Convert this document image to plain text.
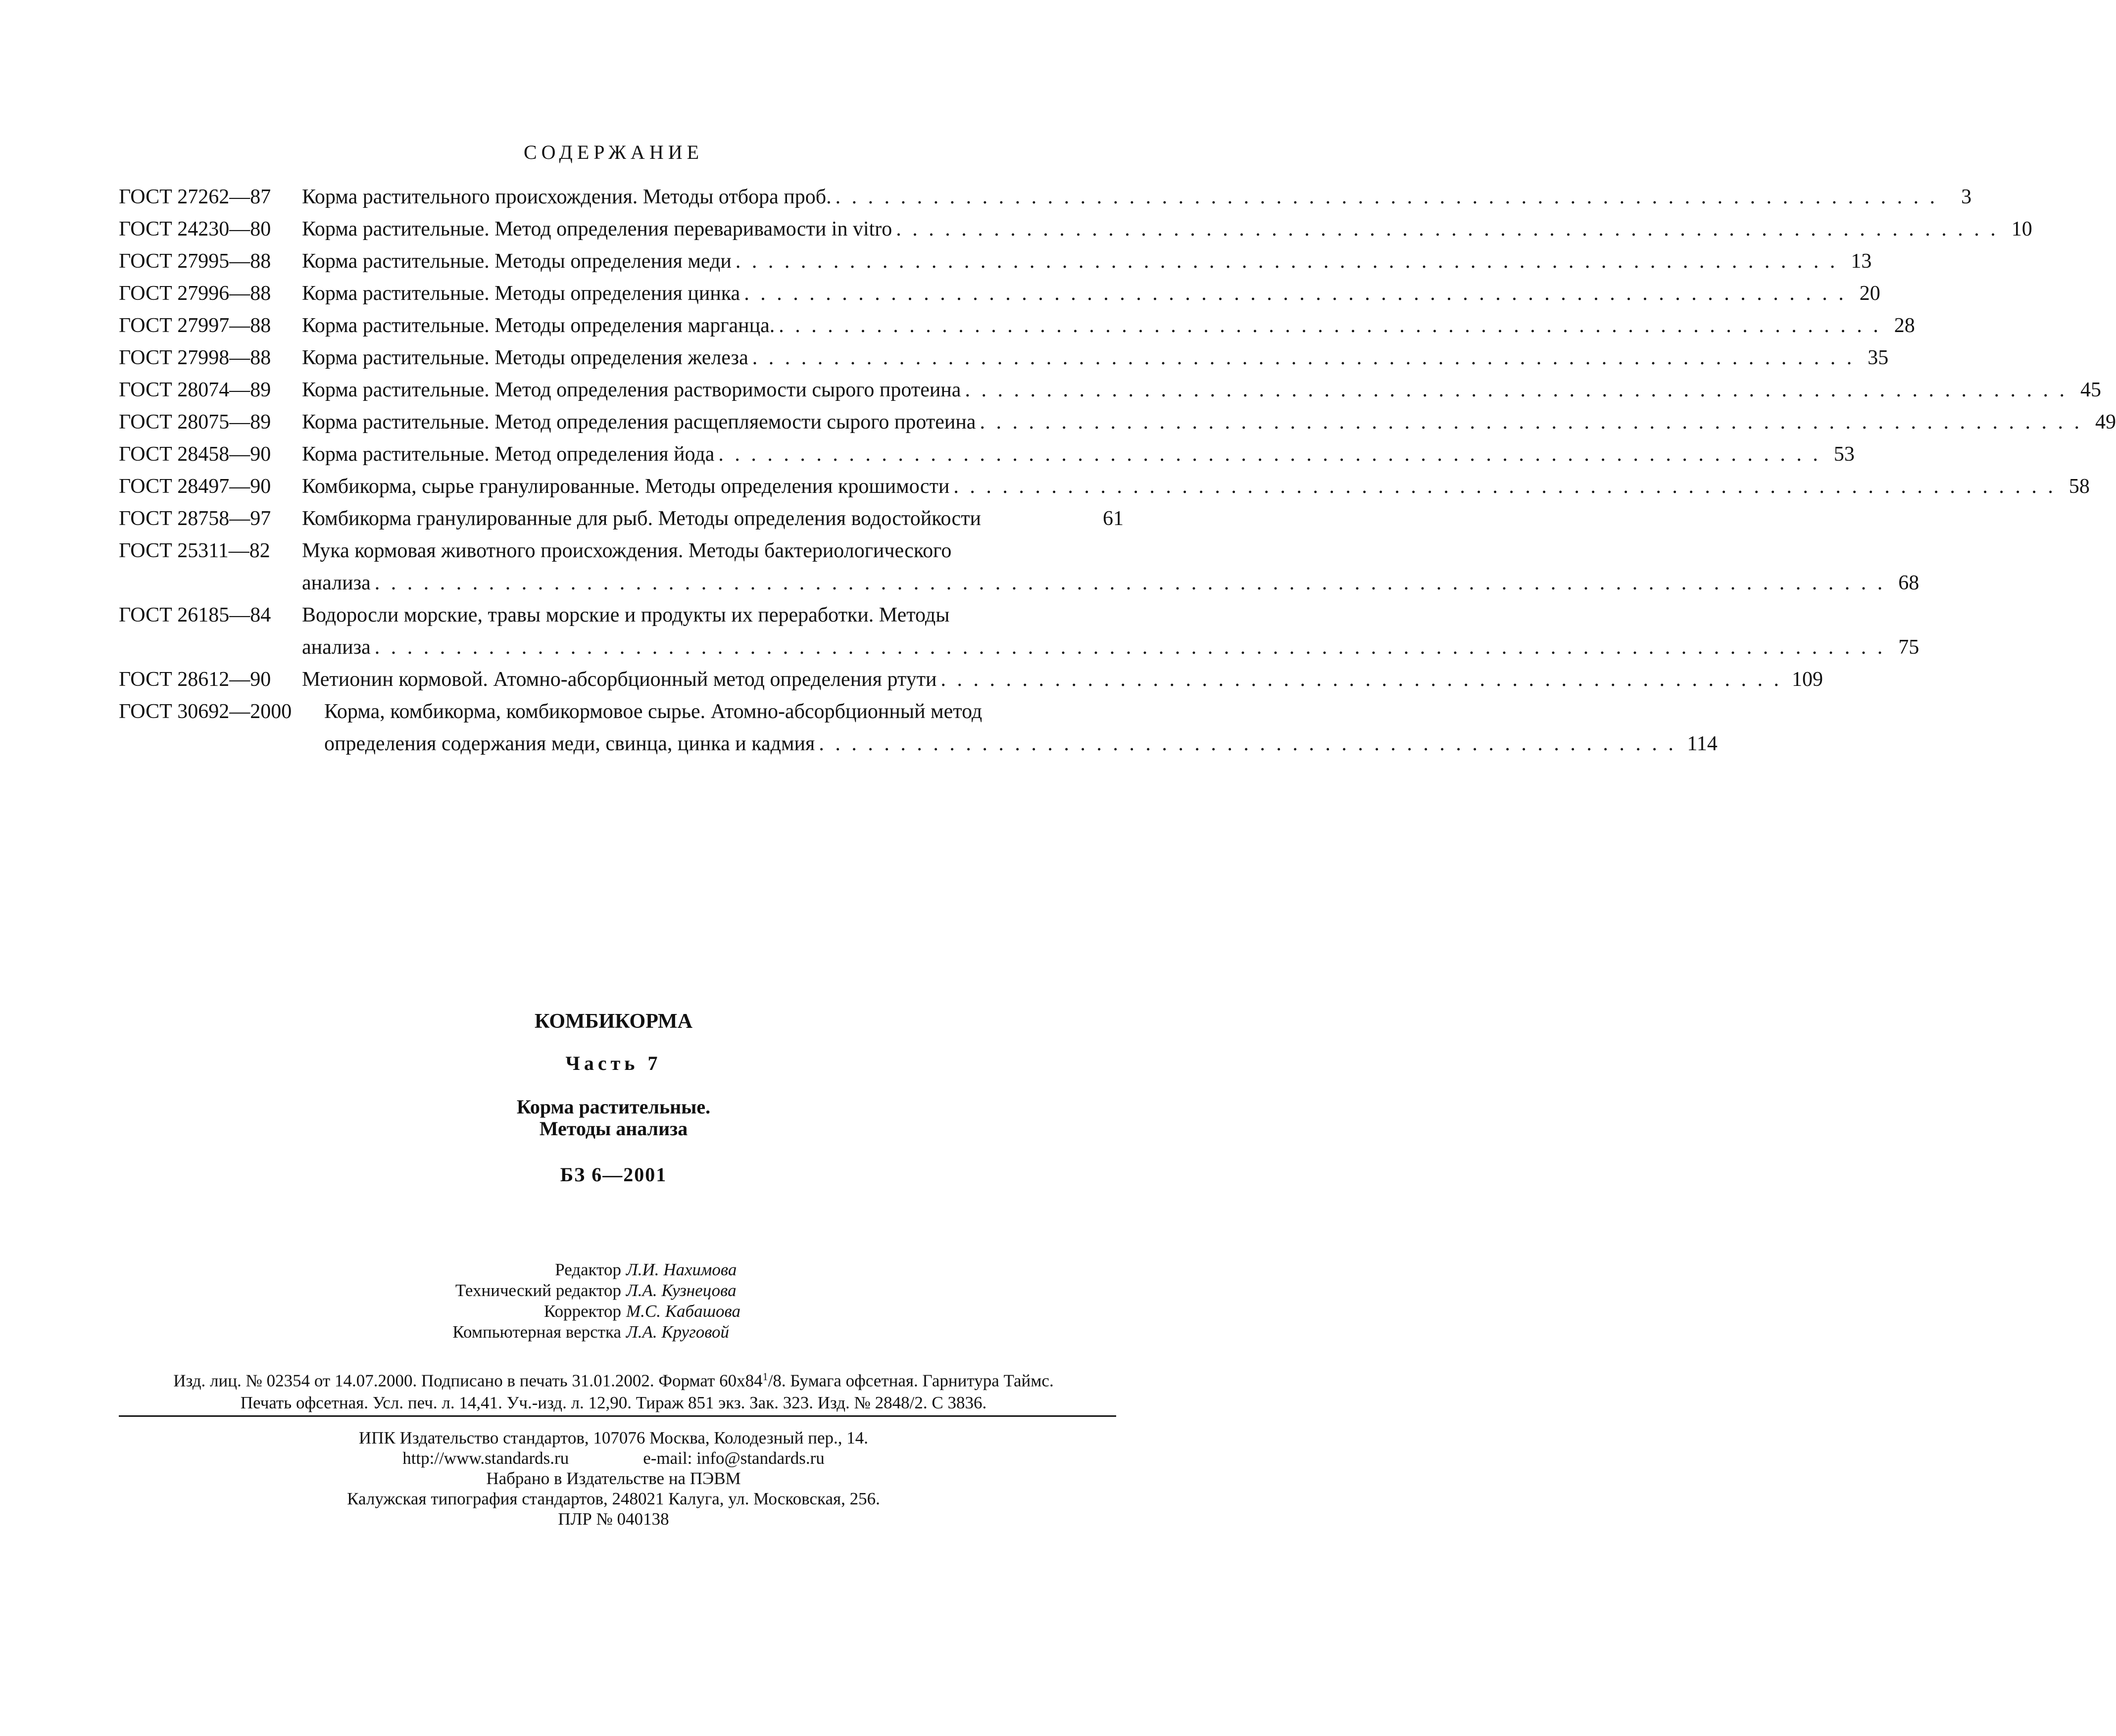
СОДЕРЖАНИЕ
ГОСТ 27262—87	Корма растительного происхождения. Методы отбора проб. . . . . . . . . . . . . . . . . . . . . . . . . . . . . . . . . . . . . . . . . . . . . . . . . . . . . . . . . . . . . . . . . . . . .	3
ГОСТ 24230—80	Корма растительные. Метод определения переваривамости in vitro . . . . . . . . . . . . . . . . . . . . . . . . . . . . . . . . . . . . . . . . . . . . . . . . . . . . . . . . . . . . . . . . . . . . 10
ГОСТ 27995—88	Корма растительные. Методы определения меди . . . . . . . . . . . . . . . . . . . . . . . . . . . . . . . . . . . . . . . . . . . . . . . . . . . . . . . . . . . . . . . . . . . . 13
ГОСТ 27996—88	Корма растительные. Методы определения цинка . . . . . . . . . . . . . . . . . . . . . . . . . . . . . . . . . . . . . . . . . . . . . . . . . . . . . . . . . . . . . . . . . . . . 20
ГОСТ 27997—88	Корма растительные. Методы определения марганца. . . . . . . . . . . . . . . . . . . . . . . . . . . . . . . . . . . . . . . . . . . . . . . . . . . . . . . . . . . . . . . . . . . . . 28
ГОСТ 27998—88	Корма растительные. Методы определения железа . . . . . . . . . . . . . . . . . . . . . . . . . . . . . . . . . . . . . . . . . . . . . . . . . . . . . . . . . . . . . . . . . . . . 35
ГОСТ 28074—89	Корма растительные. Метод определения растворимости сырого протеина . . . . . . . . . . . . . . . . . . . . . . . . . . . . . . . . . . . . . . . . . . . . . . . . . . . . . . . . . . . . . . . . . . . . 45
ГОСТ 28075—89	Корма растительные. Метод определения расщепляемости сырого протеина . . . . . . . . . . . . . . . . . . . . . . . . . . . . . . . . . . . . . . . . . . . . . . . . . . . . . . . . . . . . . . . . . . . . 49
ГОСТ 28458—90	Корма растительные. Метод определения йода . . . . . . . . . . . . . . . . . . . . . . . . . . . . . . . . . . . . . . . . . . . . . . . . . . . . . . . . . . . . . . . . . . . . 53
ГОСТ 28497—90	Комбикорма, сырье гранулированные. Методы определения крошимости . . . . . . . . . . . . . . . . . . . . . . . . . . . . . . . . . . . . . . . . . . . . . . . . . . . . . . . . . . . . . . . . . . . . 58
ГОСТ 28758—97	Комбикорма гранулированные для рыб. Методы определения водостойкости	61
ГОСТ 25311—82	Мука кормовая животного происхождения. Методы бактериологического
анализа . . . . . . . . . . . . . . . . . . . . . . . . . . . . . . . . . . . . . . . . . . . . . . . . . . . . . . . . . . . . . . . . . . . . . . . . . . . . . . . . . . . . . . . . . . . . . 68
ГОСТ 26185—84	Водоросли морские, травы морские и продукты их переработки. Методы
анализа . . . . . . . . . . . . . . . . . . . . . . . . . . . . . . . . . . . . . . . . . . . . . . . . . . . . . . . . . . . . . . . . . . . . . . . . . . . . . . . . . . . . . . . . . . . . . 75
ГОСТ 28612—90	Метионин кормовой. Атомно-абсорбционный метод определения ртути . . . . . . . . . . . . . . . . . . . . . . . . . . . . . . . . . . . . . . . . . . . . . . . . . . . . 109
ГОСТ 30692—2000	Корма, комбикорма, комбикормовое сырье. Атомно-абсорбционный метод
определения содержания меди, свинца, цинка и кадмия . . . . . . . . . . . . . . . . . . . . . . . . . . . . . . . . . . . . . . . . . . . . . . . . . . . . . 114
КОМБИКОРМА
Часть 7
Корма растительные.
Методы анализа
БЗ 6—2001
Редактор Л.И. Нахимова
Технический редактор Л.А. Кузнецова
Корректор М.С. Кабашова
Компьютерная верстка Л.А. Круговой
Изд. лиц. № 02354 от 14.07.2000. Подписано в печать 31.01.2002. Формат $60х84^1/8$. Бумага офсетная. Гарнитура Таймс.
Печать офсетная. Усл. печ. л. 14,41. Уч.-изд. л. 12,90. Тираж 851 экз. Зак. 323. Изд. № 2848/2. С 3836.
ИПК Издательство стандартов, 107076 Москва, Колодезный пер., 14.
http://www.standards.ru	e-mail: info@standards.ru
Набрано в Издательстве на ПЭВМ
Калужская типография стандартов, 248021 Калуга, ул. Московская, 256.
ПЛР № 040138
